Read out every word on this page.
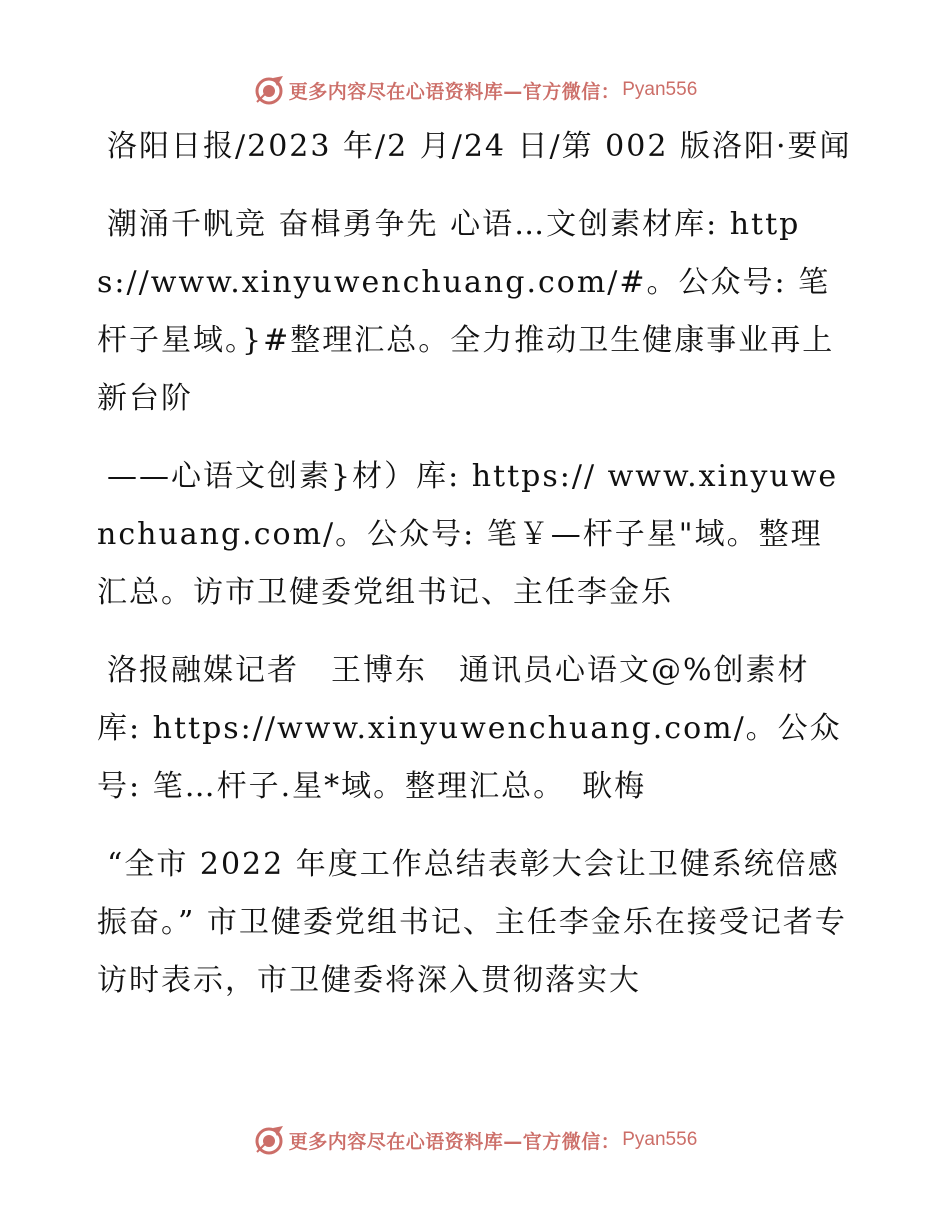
更多内容尽在心语资料库—官方微信： Pyan556

洛阳日报/2023 年/2 月/24 日/第 002 版洛阳·要闻

潮涌千帆竞 奋楫勇争先 心语…文创素材库: https://www.xinyuwenchuang.com/#。公众号: 笔杆子星域。}#整理汇总。全力推动卫生健康事业再上新台阶

——心语文创素}材）库: https:// www.xinyuwenchuang.com/。公众号: 笔￥—杆子星"域。整理汇总。访市卫健委党组书记、主任李金乐

洛报融媒记者　王博东　通讯员心语文@%创素材库: https://www.xinyuwenchuang.com/。公众号: 笔…杆子.星*域。整理汇总。　耿梅

“全市 2022 年度工作总结表彰大会让卫健系统倍感振奋。” 市卫健委党组书记、主任李金乐在接受记者专访时表示，市卫健委将深入贯彻落实大

更多内容尽在心语资料库—官方微信： Pyan556
